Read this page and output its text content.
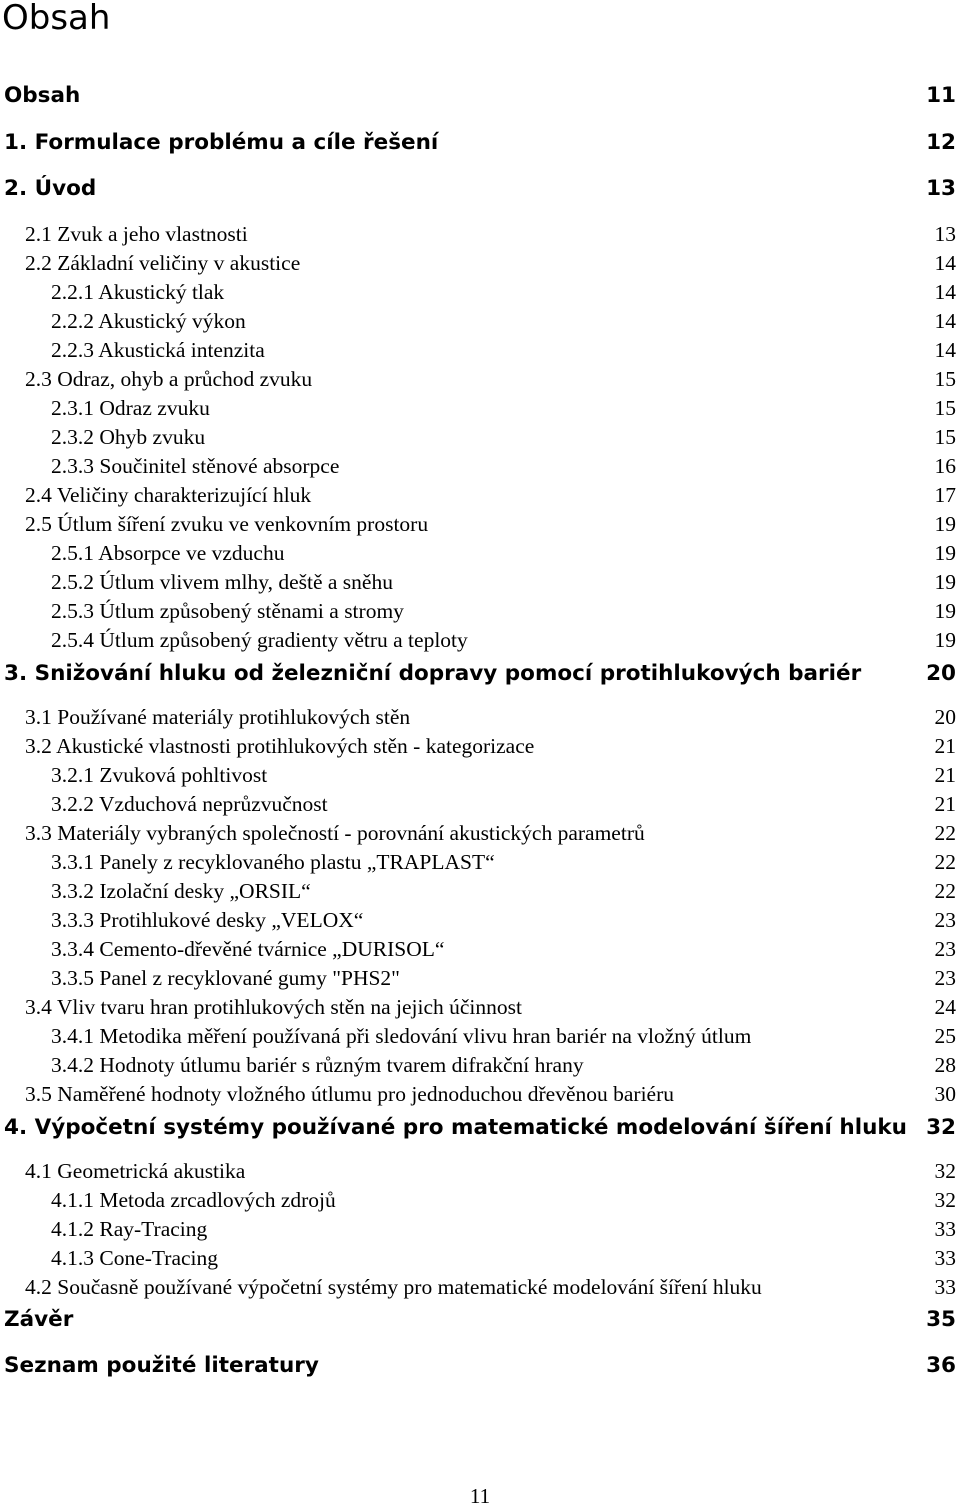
Obsah
Obsah	11
1. Formulace problému a cíle řešení	12
2. Úvod	13
2.1 Zvuk a jeho vlastnosti	13
2.2 Základní veličiny v akustice	14
2.2.1 Akustický tlak	14
2.2.2 Akustický výkon	14
2.2.3 Akustická intenzita	14
2.3 Odraz, ohyb a průchod zvuku	15
2.3.1 Odraz zvuku	15
2.3.2 Ohyb zvuku	15
2.3.3 Součinitel stěnové absorpce	16
2.4 Veličiny charakterizující hluk	17
2.5 Útlum šíření zvuku ve venkovním prostoru	19
2.5.1 Absorpce ve vzduchu	19
2.5.2 Útlum vlivem mlhy, deště a sněhu	19
2.5.3 Útlum způsobený stěnami a stromy	19
2.5.4 Útlum způsobený gradienty větru a teploty	19
3. Snižování hluku od železniční dopravy pomocí protihlukových bariér	20
3.1 Používané materiály protihlukových stěn	20
3.2 Akustické vlastnosti protihlukových stěn - kategorizace	21
3.2.1 Zvuková pohltivost	21
3.2.2 Vzduchová neprůzvučnost	21
3.3 Materiály vybraných společností - porovnání akustických parametrů	22
3.3.1 Panely z recyklovaného plastu „TRAPLAST“	22
3.3.2 Izolační desky „ORSIL“	22
3.3.3 Protihlukové desky „VELOX“	23
3.3.4 Cemento-dřevěné tvárnice „DURISOL“	23
3.3.5 Panel z recyklované gumy "PHS2"	23
3.4 Vliv tvaru hran protihlukových stěn na jejich účinnost	24
3.4.1 Metodika měření používaná při sledování vlivu hran bariér na vložný útlum	25
3.4.2 Hodnoty útlumu bariér s různým tvarem difrakční hrany	28
3.5 Naměřené hodnoty vložného útlumu pro jednoduchou dřevěnou bariéru	30
4. Výpočetní systémy používané pro matematické modelování šíření hluku 32
4.1 Geometrická akustika	32
4.1.1 Metoda zrcadlových zdrojů	32
4.1.2 Ray-Tracing	33
4.1.3 Cone-Tracing	33
4.2 Současně používané výpočetní systémy pro matematické modelování šíření hluku	33
Závěr	35
Seznam použité literatury	36
11
